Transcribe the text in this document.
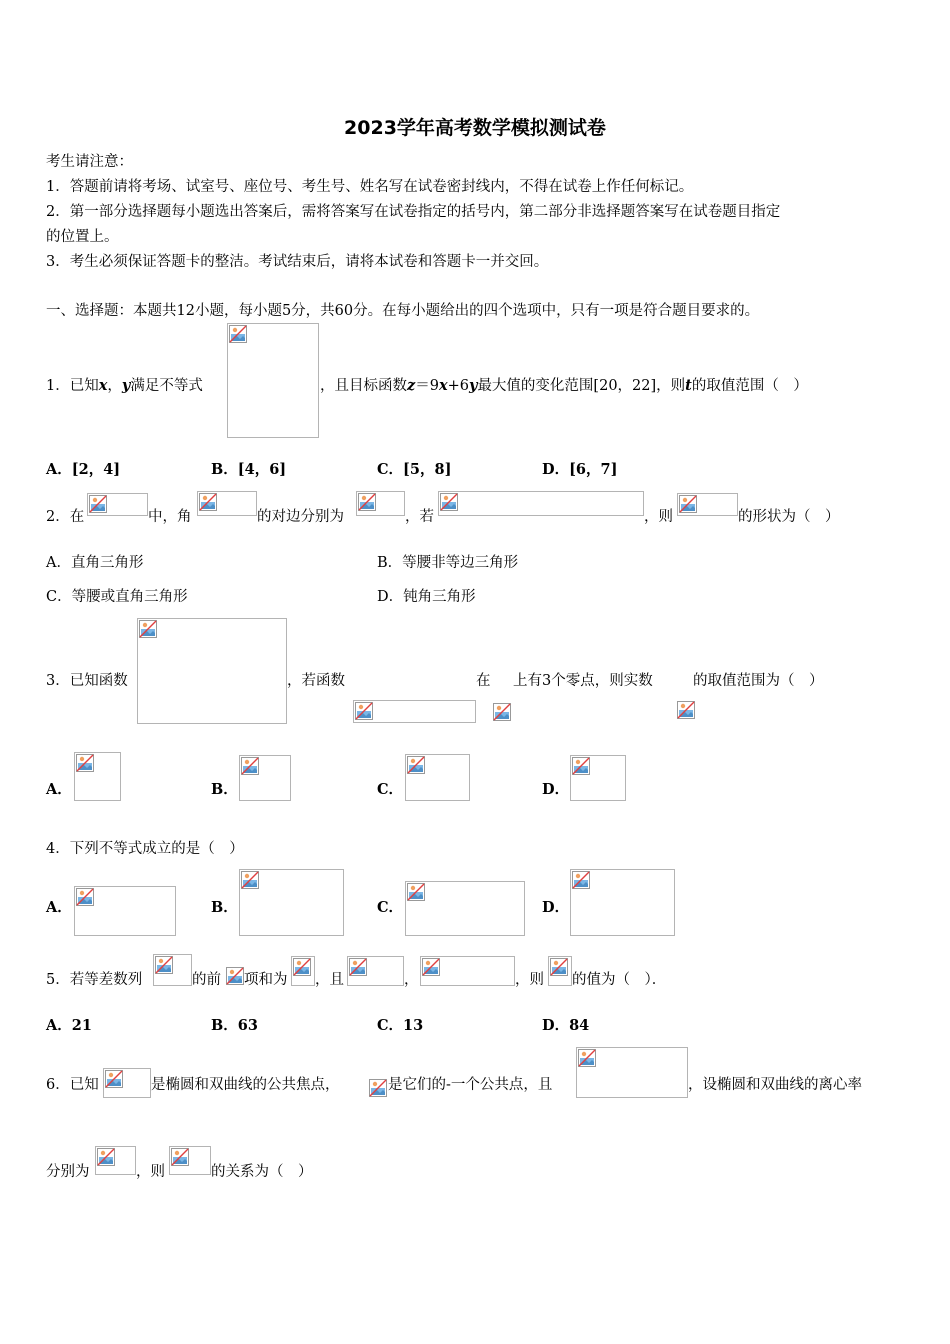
2023学年高考数学模拟测试卷
考生请注意：
1．答题前请将考场、试室号、座位号、考生号、姓名写在试卷密封线内，不得在试卷上作任何标记。
2．第一部分选择题每小题选出答案后，需将答案写在试卷指定的括号内，第二部分非选择题答案写在试卷题目指定
的位置上。
3．考生必须保证答题卡的整洁。考试结束后，请将本试卷和答题卡一并交回。
一、选择题：本题共12小题，每小题5分，共60分。在每小题给出的四个选项中，只有一项是符合题目要求的。
1．已知x，y满足不等式	，且目标函数z＝9x+6y最大值的变化范围[20，22]，则t的取值范围（　）
A．[2，4]	B．[4，6]	C．[5，8]	D．[6，7]
2．在	中，角	的对边分别为	，若	，则	的形状为（　）
A．直角三角形	B．等腰非等边三角形
C．等腰或直角三角形	D．钝角三角形
3．已知函数	，若函数	在 上有3个零点，则实数	的取值范围为（　）
A．	B．	C．	D．
4．下列不等式成立的是（　）
A．	B．	C．	D．
5．若等差数列	的前 项和为 ，且	，	，则 的值为（　）．
A．21	B．63	C．13	D．84
6．已知	是椭圆和双曲线的公共焦点，	是它们的-一个公共点，且	，设椭圆和双曲线的离心率
分别为	，则	的关系为（　）
